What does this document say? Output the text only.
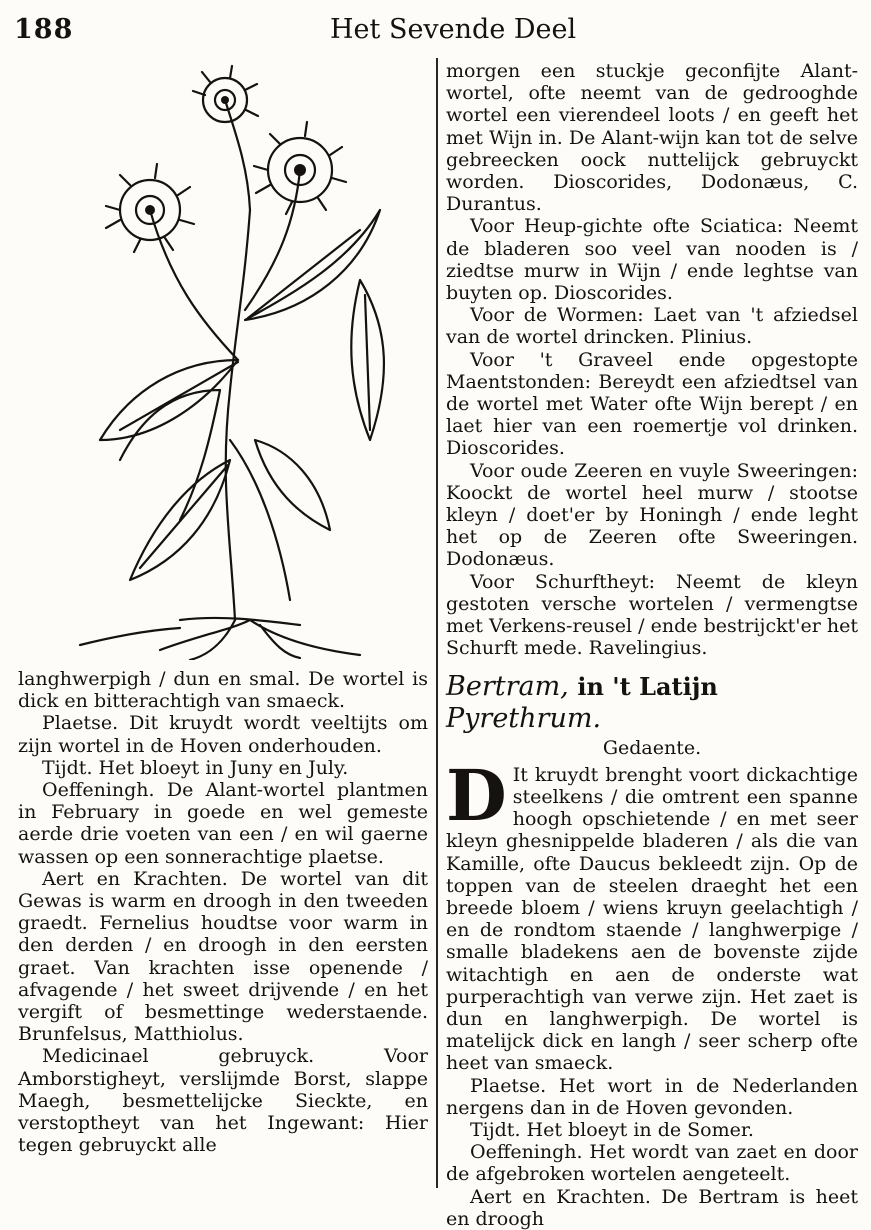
188	Het Sevende Deel

langhwerpigh / dun en smal. De wortel is dick en bitterachtigh van smaeck.

Plaetse. Dit kruydt wordt veeltijts om zijn wortel in de Hoven onderhouden.

Tijdt. Het bloeyt in Juny en July.

Oeffeningh. De Alant-wortel plantmen in February in goede en wel gemeste aerde drie voeten van een / en wil gaerne wassen op een sonnerachtige plaetse.

Aert en Krachten. De wortel van dit Gewas is warm en droogh in den tweeden graedt. Fernelius houdtse voor warm in den derden / en droogh in den eersten graet. Van krachten isse openende / afvagende / het sweet drijvende / en het vergift of besmettinge wederstaende. Brunfelsus, Matthiolus.

Medicinael gebruyck. Voor Amborstigheyt, verslijmde Borst, slappe Maegh, besmettelijcke Sieckte, en verstoptheyt van het Ingewant: Hier tegen gebruyckt alle

morgen een stuckje geconfijte Alant-wortel, ofte neemt van de gedrooghde wortel een vierendeel loots / en geeft het met Wijn in. De Alant-wijn kan tot de selve gebreecken oock nuttelijck gebruyckt worden. Dioscorides, Dodonæus, C. Durantus.

Voor Heup-gichte ofte Sciatica: Neemt de bladeren soo veel van nooden is / ziedtse murw in Wijn / ende leghtse van buyten op. Dioscorides.

Voor de Wormen: Laet van 't afziedsel van de wortel drincken. Plinius.

Voor 't Graveel ende opgestopte Maentstonden: Bereydt een afziedtsel van de wortel met Water ofte Wijn berept / en laet hier van een roemertje vol drinken. Dioscorides.

Voor oude Zeeren en vuyle Sweeringen: Koockt de wortel heel murw / stootse kleyn / doet'er by Honingh / ende leght het op de Zeeren ofte Sweeringen. Dodonæus.

Voor Schurftheyt: Neemt de kleyn gestoten versche wortelen / vermengtse met Verkens-reusel / ende bestrijckt'er het Schurft mede. Ravelingius.

Bertram, in 't Latijn Pyrethrum.
Gedaente.

D It kruydt brenght voort dickachtige steelkens / die omtrent een spanne hoogh opschietende / en met seer kleyn ghesnippelde bladeren / als die van Kamille, ofte Daucus bekleedt zijn. Op de toppen van de steelen draeght het een breede bloem / wiens kruyn geelachtigh / en de rondtom staende / langhwerpige / smalle bladekens aen de bovenste zijde witachtigh en aen de onderste wat purperachtigh van verwe zijn. Het zaet is dun en langhwerpigh. De wortel is matelijck dick en langh / seer scherp ofte heet van smaeck.

Plaetse. Het wort in de Nederlanden nergens dan in de Hoven gevonden.

Tijdt. Het bloeyt in de Somer.

Oeffeningh. Het wordt van zaet en door de afgebroken wortelen aengeteelt.

Aert en Krachten. De Bertram is heet en droogh
